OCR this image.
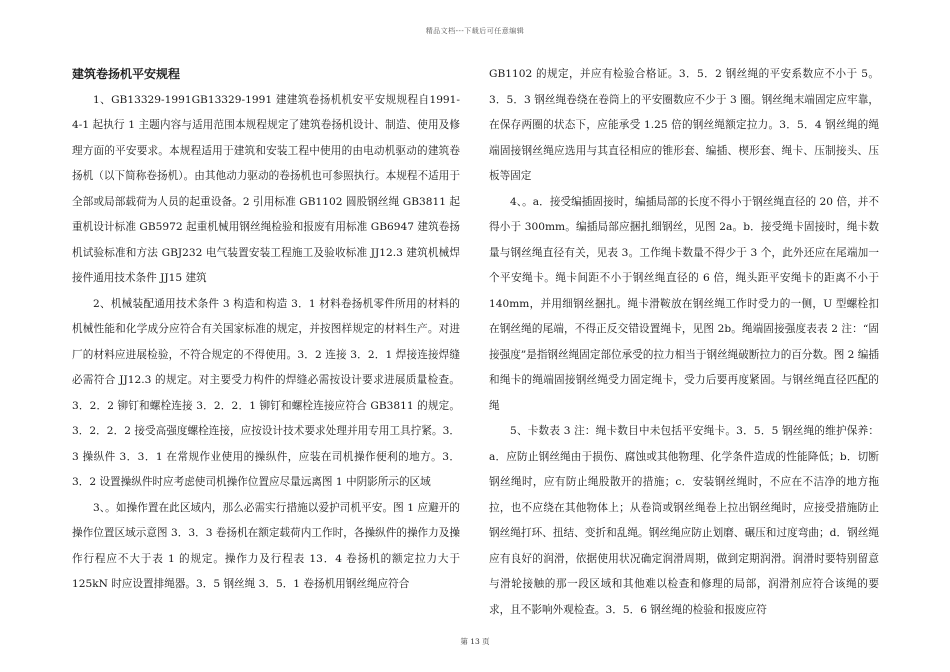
精品文档---下载后可任意编辑
建筑卷扬机平安规程

1、GB13329-1991GB13329-1991 建建筑卷扬机机安平安规规程自1991-4-1 起执行 1 主题内容与适用范围本规程规定了建筑卷扬机设计、制造、使用及修理方面的平安要求。本规程适用于建筑和安装工程中使用的由电动机驱动的建筑卷扬机（以下简称卷扬机）。由其他动力驱动的卷扬机也可参照执行。本规程不适用于全部或局部载荷为人员的起重设备。2 引用标准 GB1102 圆股钢丝绳 GB3811 起重机设计标准 GB5972 起重机械用钢丝绳检验和报废有用标准 GB6947 建筑卷扬机试验标准和方法 GBJ232 电气装置安装工程施工及验收标准 JJ12.3 建筑机械焊接件通用技术条件 JJ15 建筑

2、机械装配通用技术条件 3 构造和构造 3．1 材料卷扬机零件所用的材料的机械性能和化学成分应符合有关国家标准的规定，并按图样规定的材料生产。对进厂的材料应进展检验，不符合规定的不得使用。3．2 连接 3．2．1 焊接连接焊缝必需符合 JJ12.3 的规定。对主要受力构件的焊缝必需按设计要求进展质量检查。3．2．2 铆钉和螺栓连接 3．2．2．1 铆钉和螺栓连接应符合 GB3811 的规定。3．2．2．2 接受高强度螺栓连接，应按设计技术要求处理并用专用工具拧紧。3．3 操纵件 3．3．1 在常规作业使用的操纵件，应装在司机操作便利的地方。3．3．2 设置操纵件时应考虑使司机操作位置应尽量远离图 1 中阴影所示的区域

3、。如操作置在此区域内，那么必需实行措施以爱护司机平安。图 1 应避开的操作位置区域示意图 3．3．3 卷扬机在额定载荷内工作时，各操纵件的操作力及操作行程应不大于表 1 的规定。操作力及行程表 13．4 卷扬机的额定拉力大于 125kN 时应设置排绳器。3．5 钢丝绳 3．5．1 卷扬机用钢丝绳应符合

GB1102 的规定，并应有检验合格证。3．5．2 钢丝绳的平安系数应不小于 5。3．5．3 钢丝绳卷绕在卷筒上的平安圈数应不少于 3 圈。钢丝绳末端固定应牢靠，在保存两圈的状态下，应能承受 1.25 倍的钢丝绳额定拉力。3．5．4 钢丝绳的绳端固接钢丝绳应选用与其直径相应的锥形套、编插、楔形套、绳卡、压制接头、压板等固定

4、。a．接受编插固接时，编插局部的长度不得小于钢丝绳直径的 20 倍，并不得小于 300mm。编插局部应捆扎细钢丝，见图 2a。b．接受绳卡固接时，绳卡数量与钢丝绳直径有关，见表 3。工作绳卡数量不得少于 3 个，此外还应在尾端加一个平安绳卡。绳卡间距不小于钢丝绳直径的 6 倍，绳头距平安绳卡的距离不小于 140mm，并用细钢丝捆扎。绳卡滑鞍放在钢丝绳工作时受力的一侧，U 型螺栓扣在钢丝绳的尾端，不得正反交错设置绳卡，见图 2b。绳端固接强度表表 2 注：“固接强度”是指钢丝绳固定部位承受的拉力相当于钢丝绳破断拉力的百分数。图 2 编插和绳卡的绳端固接钢丝绳受力固定绳卡，受力后要再度紧固。与钢丝绳直径匹配的绳

5、卡数表 3 注：绳卡数目中未包括平安绳卡。3．5．5 钢丝绳的维护保养：a．应防止钢丝绳由于损伤、腐蚀或其他物理、化学条件造成的性能降低；b．切断钢丝绳时，应有防止绳股散开的措施；c．安装钢丝绳时，不应在不洁净的地方拖拉，也不应绕在其他物体上；从卷筒或钢丝绳卷上拉出钢丝绳时，应接受措施防止钢丝绳打环、扭结、变折和乱绳。钢丝绳应防止划磨、碾压和过度弯曲；d．钢丝绳应有良好的润滑，依据使用状况确定润滑周期，做到定期润滑。润滑时要特别留意与滑轮接触的那一段区域和其他难以检查和修理的局部，润滑剂应符合该绳的要求，且不影响外观检查。3．5．6 钢丝绳的检验和报废应符

第 13 页
